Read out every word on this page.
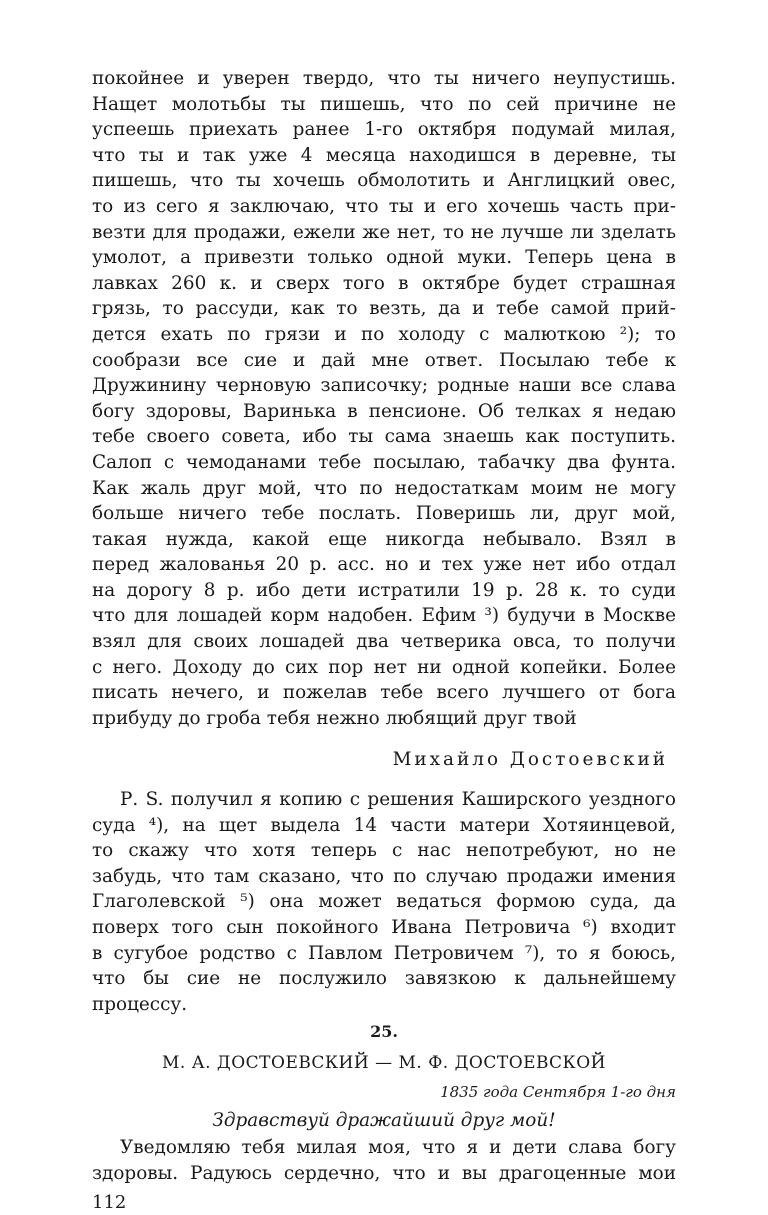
покойнее и уверен твердо, что ты ничего неупустишь.
Нащет молотьбы ты пишешь, что по сей причине не
успеешь приехать ранее 1-го октября подумай милая,
что ты и так уже 4 месяца находишся в деревне, ты
пишешь, что ты хочешь обмолотить и Англицкий овес,
то из сего я заключаю, что ты и его хочешь часть при-
везти для продажи, ежели же нет, то не лучше ли зделать
умолот, а привезти только одной муки. Теперь цена в
лавках 260 к. и сверх того в октябре будет страшная
грязь, то рассуди, как то везть, да и тебе самой прий-
дется ехать по грязи и по холоду с малюткою ²); то
сообрази все сие и дай мне ответ. Посылаю тебе к
Дружинину черновую записочку; родные наши все слава
богу здоровы, Варинька в пенсионе. Об телках я недаю
тебе своего совета, ибо ты сама знаешь как поступить.
Салоп с чемоданами тебе посылаю, табачку два фунта.
Как жаль друг мой, что по недостаткам моим не могу
больше ничего тебе послать. Поверишь ли, друг мой,
такая нужда, какой еще никогда небывало. Взял в
перед жалованья 20 р. асс. но и тех уже нет ибо отдал
на дорогу 8 р. ибо дети истратили 19 р. 28 к. то суди
что для лошадей корм надобен. Ефим ³) будучи в Москве
взял для своих лошадей два четверика овса, то получи
с него. Доходу до сих пор нет ни одной копейки. Более
писать нечего, и пожелав тебе всего лучшего от бога
прибуду до гроба тебя нежно любящий друг твой
Михайло Достоевский
Р. S. получил я копию с решения Каширского уездного
суда ⁴), на щет выдела 14 части матери Хотяинцевой,
то скажу что хотя теперь с нас непотребуют, но не
забудь, что там сказано, что по случаю продажи имения
Глаголевской ⁵) она может ведаться формою суда, да
поверх того сын покойного Ивана Петровича ⁶) входит
в сугубое родство с Павлом Петровичем ⁷), то я боюсь,
что бы сие не послужило завязкою к дальнейшему
процессу.
25.
М. А. ДОСТОЕВСКИЙ — М. Ф. ДОСТОЕВСКОЙ
1835 года Сентября 1-го дня
Здравствуй дражайший друг мой!
Уведомляю тебя милая моя, что я и дети слава богу
здоровы. Радуюсь сердечно, что и вы драгоценные мои
112
